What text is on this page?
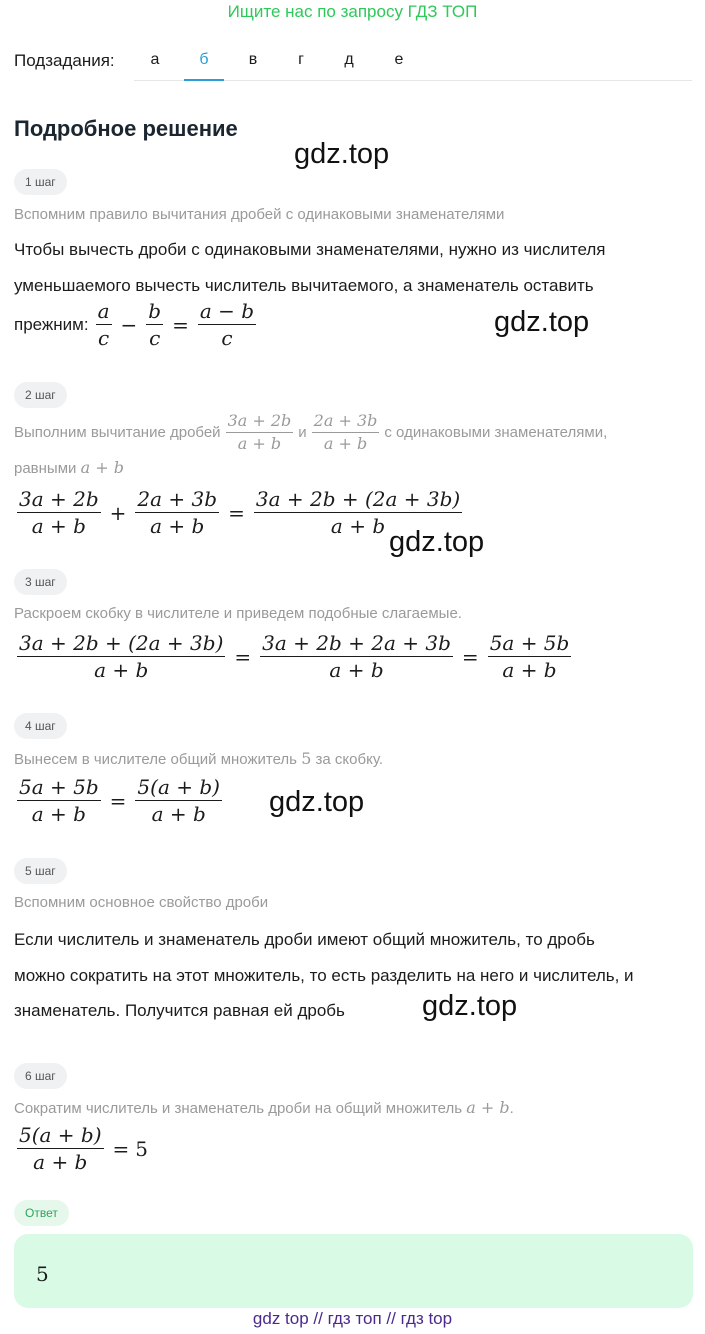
Ищите нас по запросу ГДЗ ТОП
Подзадания:	а	б	в	г	д	е
Подробное решение
gdz.top
gdz.top
gdz.top
gdz.top
gdz.top
1 шаг
Вспомним правило вычитания дробей с одинаковыми знаменателями
Чтобы вычесть дроби с одинаковыми знаменателями, нужно из числителя
уменьшаемого вычесть числитель вычитаемого, а знаменатель оставить
прежним: $\frac{a}{c} - \frac{b}{c} = \frac{a - b}{c}$
2 шаг
Выполним вычитание дробей $\frac{3a + 2b}{a + b}$ и $\frac{2a + 3b}{a + b}$ с одинаковыми знаменателями,
равными a + b
$\frac{3a + 2b}{a + b} + \frac{2a + 3b}{a + b} = \frac{3a + 2b + (2a + 3b)}{a + b}$
3 шаг
Раскроем скобку в числителе и приведем подобные слагаемые.
$\frac{3a + 2b + (2a + 3b)}{a + b} = \frac{3a + 2b + 2a + 3b}{a + b} = \frac{5a + 5b}{a + b}$
4 шаг
Вынесем в числителе общий множитель 5 за скобку.
$\frac{5a + 5b}{a + b} = \frac{5(a + b)}{a + b}$
5 шаг
Вспомним основное свойство дроби
Если числитель и знаменатель дроби имеют общий множитель, то дробь
можно сократить на этот множитель, то есть разделить на него и числитель, и
знаменатель. Получится равная ей дробь
6 шаг
Сократим числитель и знаменатель дроби на общий множитель a + b.
$\frac{5(a + b)}{a + b} = 5$
Ответ
5
gdz top // гдз топ // гдз top
